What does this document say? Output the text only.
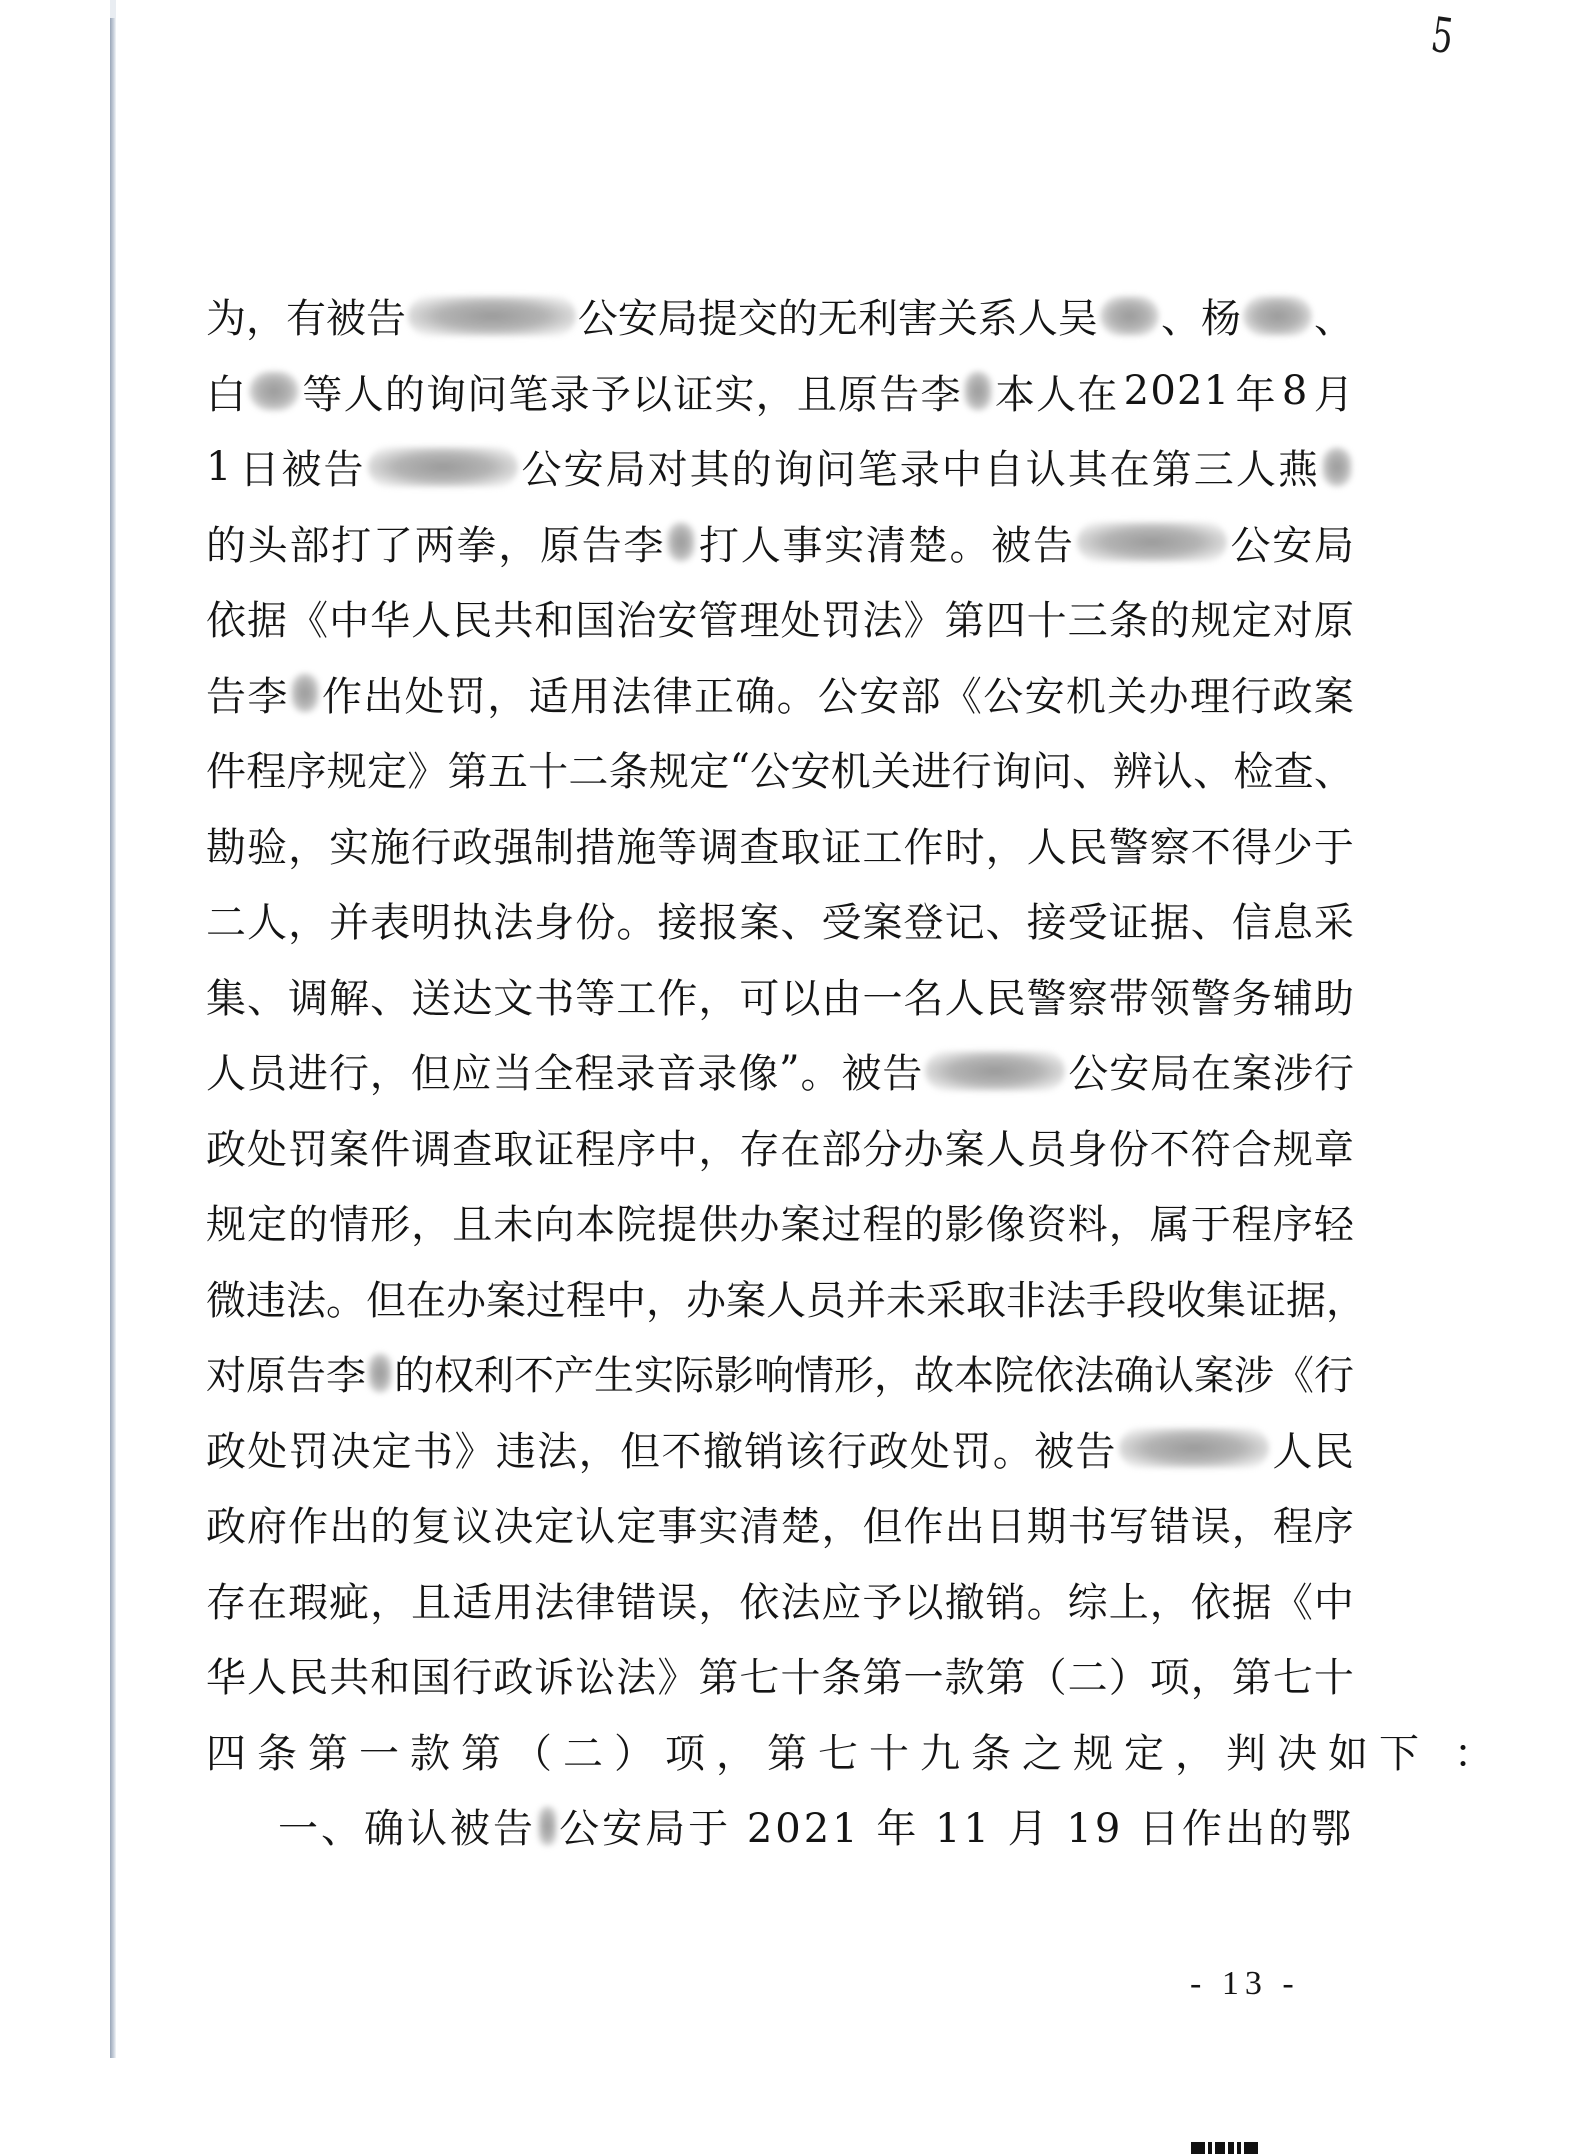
5
为 ， 有 被 告	公 安 局 提 交 的 无 利 害 关 系 人 吴 、 杨 、
白 等 人 的 询 问 笔 录 予 以 证 实 ， 且 原 告 李 本 人 在
2 0 2 1
年
8
月
1
日 被 告	公 安 局 对 其 的 询 问 笔 录 中 自 认 其 在 第 三 人 燕
的 头 部 打 了 两 拳 ， 原 告 李 打 人 事 实 清 楚 。 被 告	公 安 局
依 据 《 中 华 人 民 共 和 国 治 安 管 理 处 罚 法 》 第 四 十 三 条 的 规 定 对 原
告 李 作 出 处 罚 ， 适 用 法 律 正 确 。 公 安 部 《 公 安 机 关 办 理 行 政 案
件 程 序 规 定 》 第 五 十 二 条 规 定 “ 公 安 机 关 进 行 询 问 、 辨 认 、 检 查 、
勘 验 ， 实 施 行 政 强 制 措 施 等 调 查 取 证 工 作 时 ， 人 民 警 察 不 得 少 于
二 人 ， 并 表 明 执 法 身 份 。 接 报 案 、 受 案 登 记 、 接 受 证 据 、 信 息 采
集 、 调 解 、 送 达 文 书 等 工 作 ， 可 以 由 一 名 人 民 警 察 带 领 警 务 辅 助
人 员 进 行 ， 但 应 当 全 程 录 音 录 像 ” 。 被 告	公 安 局 在 案 涉 行
政 处 罚 案 件 调 查 取 证 程 序 中 ， 存 在 部 分 办 案 人 员 身 份 不 符 合 规 章
规 定 的 情 形 ， 且 未 向 本 院 提 供 办 案 过 程 的 影 像 资 料 ， 属 于 程 序 轻
微 违 法 。 但 在 办 案 过 程 中 ， 办 案 人 员 并 未 采 取 非 法 手 段 收 集 证 据 ，
对 原 告 李 的 权 利 不 产 生 实 际 影 响 情 形 ， 故 本 院 依 法 确 认 案 涉 《 行
政 处 罚 决 定 书 》 违 法 ， 但 不 撤 销 该 行 政 处 罚 。 被 告	人 民
政 府 作 出 的 复 议 决 定 认 定 事 实 清 楚 ， 但 作 出 日 期 书 写 错 误 ， 程 序
存 在 瑕 疵 ， 且 适 用 法 律 错 误 ， 依 法 应 予 以 撤 销 。 综 上 ， 依 据 《 中
华 人 民 共 和 国 行 政 诉 讼 法 》 第 七 十 条 第 一 款 第 （ 二 ） 项 ， 第 七 十
四条第一款第（二）项，第七十九条之规定，判决如下 ：
一、确认被告 公安局于 2021 年 11 月 19 日作出的鄂
- 13 -
